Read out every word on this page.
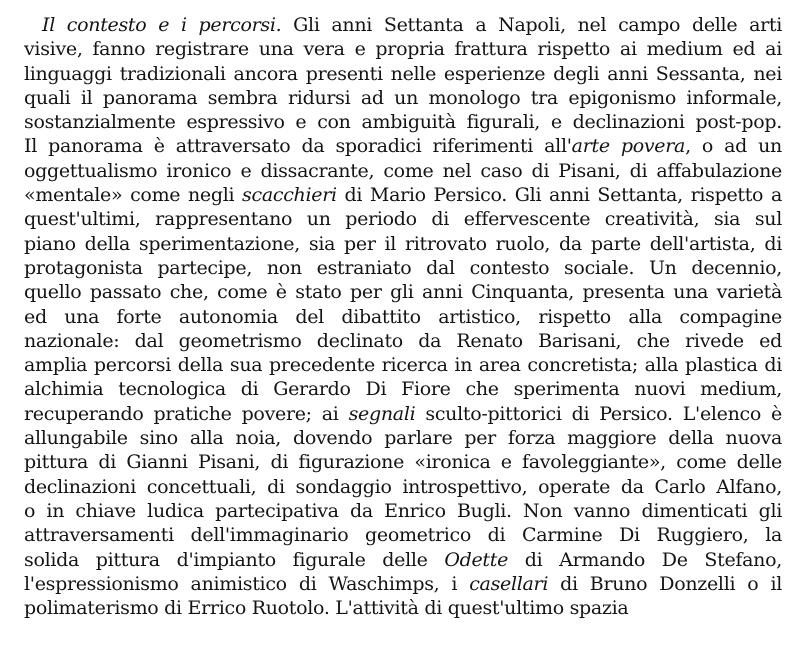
Il contesto e i percorsi. Gli anni Settanta a Napoli, nel campo delle arti
visive, fanno registrare una vera e propria frattura rispetto ai medium ed ai
linguaggi tradizionali ancora presenti nelle esperienze degli anni Sessanta, nei
quali il panorama sembra ridursi ad un monologo tra epigonismo informale,
sostanzialmente espressivo e con ambiguità figurali, e declinazioni post-pop.
Il panorama è attraversato da sporadici riferimenti all'arte povera, o ad un
oggettualismo ironico e dissacrante, come nel caso di Pisani, di affabulazione
«mentale» come negli scacchieri di Mario Persico. Gli anni Settanta, rispetto a
quest'ultimi, rappresentano un periodo di effervescente creatività, sia sul
piano della sperimentazione, sia per il ritrovato ruolo, da parte dell'artista, di
protagonista partecipe, non estraniato dal contesto sociale. Un decennio,
quello passato che, come è stato per gli anni Cinquanta, presenta una varietà
ed una forte autonomia del dibattito artistico, rispetto alla compagine
nazionale: dal geometrismo declinato da Renato Barisani, che rivede ed
amplia percorsi della sua precedente ricerca in area concretista; alla plastica di
alchimia tecnologica di Gerardo Di Fiore che sperimenta nuovi medium,
recuperando pratiche povere; ai segnali sculto-pittorici di Persico. L'elenco è
allungabile sino alla noia, dovendo parlare per forza maggiore della nuova
pittura di Gianni Pisani, di figurazione «ironica e favoleggiante», come delle
declinazioni concettuali, di sondaggio introspettivo, operate da Carlo Alfano,
o in chiave ludica partecipativa da Enrico Bugli. Non vanno dimenticati gli
attraversamenti dell'immaginario geometrico di Carmine Di Ruggiero, la
solida pittura d'impianto figurale delle Odette di Armando De Stefano,
l'espressionismo animistico di Waschimps, i casellari di Bruno Donzelli o il
polimaterismo di Errico Ruotolo. L'attività di quest'ultimo spazia
